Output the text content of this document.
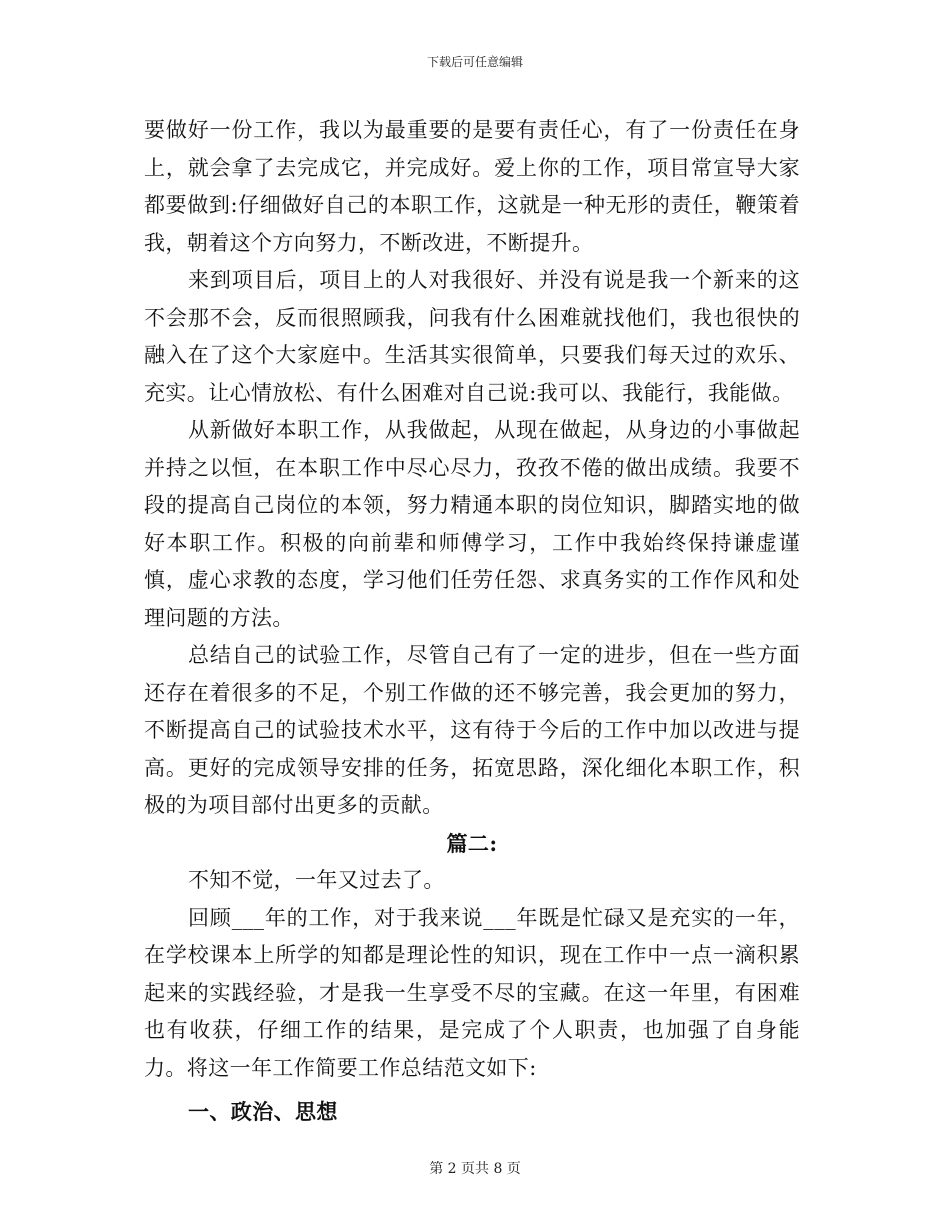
下载后可任意编辑

要做好一份工作，我以为最重要的是要有责任心，有了一份责任在身上，就会拿了去完成它，并完成好。爱上你的工作，项目常宣导大家都要做到:仔细做好自己的本职工作，这就是一种无形的责任，鞭策着我，朝着这个方向努力，不断改进，不断提升。

来到项目后，项目上的人对我很好、并没有说是我一个新来的这不会那不会，反而很照顾我，问我有什么困难就找他们，我也很快的融入在了这个大家庭中。生活其实很简单，只要我们每天过的欢乐、充实。让心情放松、有什么困难对自己说:我可以、我能行，我能做。

从新做好本职工作，从我做起，从现在做起，从身边的小事做起并持之以恒，在本职工作中尽心尽力，孜孜不倦的做出成绩。我要不段的提高自己岗位的本领，努力精通本职的岗位知识，脚踏实地的做好本职工作。积极的向前辈和师傅学习，工作中我始终保持谦虚谨慎，虚心求教的态度，学习他们任劳任怨、求真务实的工作作风和处理问题的方法。

总结自己的试验工作，尽管自己有了一定的进步，但在一些方面还存在着很多的不足，个别工作做的还不够完善，我会更加的努力，不断提高自己的试验技术水平，这有待于今后的工作中加以改进与提高。更好的完成领导安排的任务，拓宽思路，深化细化本职工作，积极的为项目部付出更多的贡献。

篇二:

不知不觉，一年又过去了。

回顾___年的工作，对于我来说___年既是忙碌又是充实的一年，在学校课本上所学的知都是理论性的知识，现在工作中一点一滴积累起来的实践经验，才是我一生享受不尽的宝藏。在这一年里，有困难也有收获，仔细工作的结果，是完成了个人职责，也加强了自身能力。将这一年工作简要工作总结范文如下:

一、政治、思想

第 2 页共 8 页
